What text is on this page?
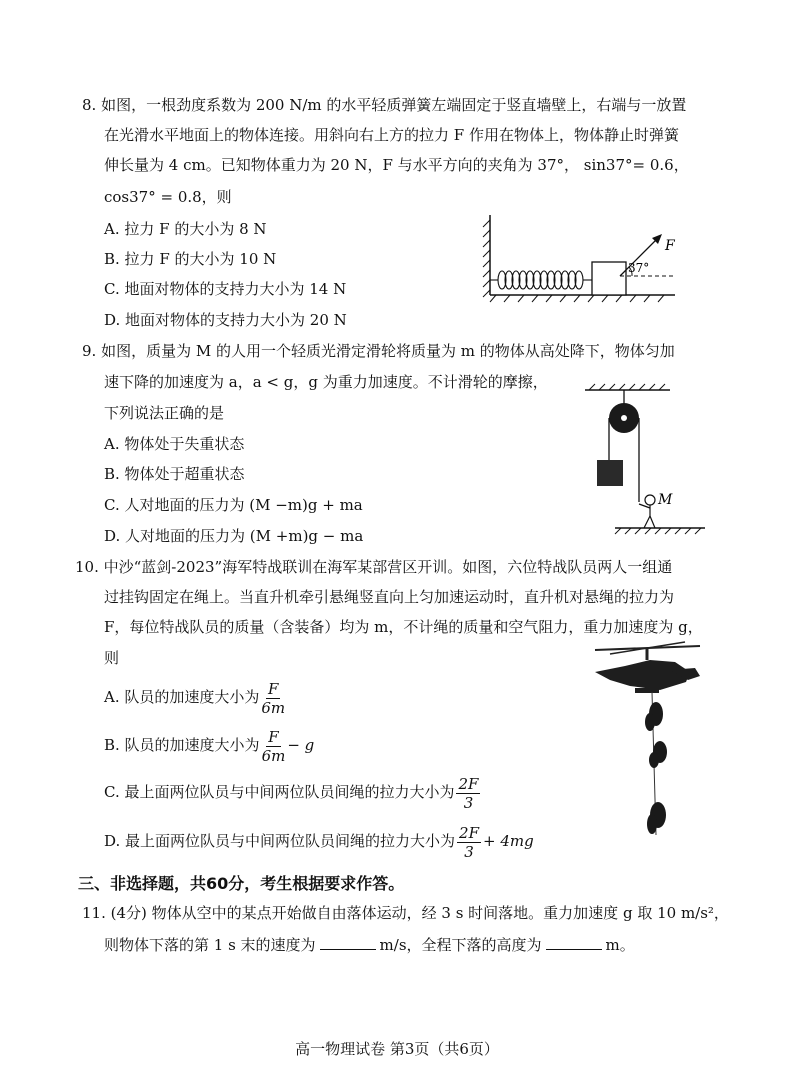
8. 如图，一根劲度系数为 200 N/m 的水平轻质弹簧左端固定于竖直墙壁上，右端与一放置
在光滑水平地面上的物体连接。用斜向右上方的拉力 F 作用在物体上，物体静止时弹簧
伸长量为 4 cm。已知物体重力为 20 N，F 与水平方向的夹角为 37°， sin37°= 0.6，
cos37° = 0.8，则
A. 拉力 F 的大小为 8 N
B. 拉力 F 的大小为 10 N
C. 地面对物体的支持力大小为 14 N
D. 地面对物体的支持力大小为 20 N
F
37°
9. 如图，质量为 M 的人用一个轻质光滑定滑轮将质量为 m 的物体从高处降下，物体匀加
速下降的加速度为 a，a < g，g 为重力加速度。不计滑轮的摩擦，
下列说法正确的是
A. 物体处于失重状态
B. 物体处于超重状态
C. 人对地面的压力为 (M −m)g + ma
D. 人对地面的压力为 (M +m)g − ma
M
10. 中沙“蓝剑-2023”海军特战联训在海军某部营区开训。如图，六位特战队员两人一组通
过挂钩固定在绳上。当直升机牵引悬绳竖直向上匀加速运动时，直升机对悬绳的拉力为
F，每位特战队员的质量（含装备）均为 m，不计绳的质量和空气阻力，重力加速度为 g，
则
A. 队员的加速度大小为 $\frac{F}{6m}$
B. 队员的加速度大小为 $\frac{F}{6m} - g$
C. 最上面两位队员与中间两位队员间绳的拉力大小为 $\frac{2F}{3}$
D. 最上面两位队员与中间两位队员间绳的拉力大小为 $\frac{2F}{3} + 4mg$
三、非选择题，共60分，考生根据要求作答。
11. (4分) 物体从空中的某点开始做自由落体运动，经 3 s 时间落地。重力加速度 g 取 10 m/s²，
则物体下落的第 1 s 末的速度为	m/s，全程下落的高度为	m。
高一物理试卷 第3页（共6页）
